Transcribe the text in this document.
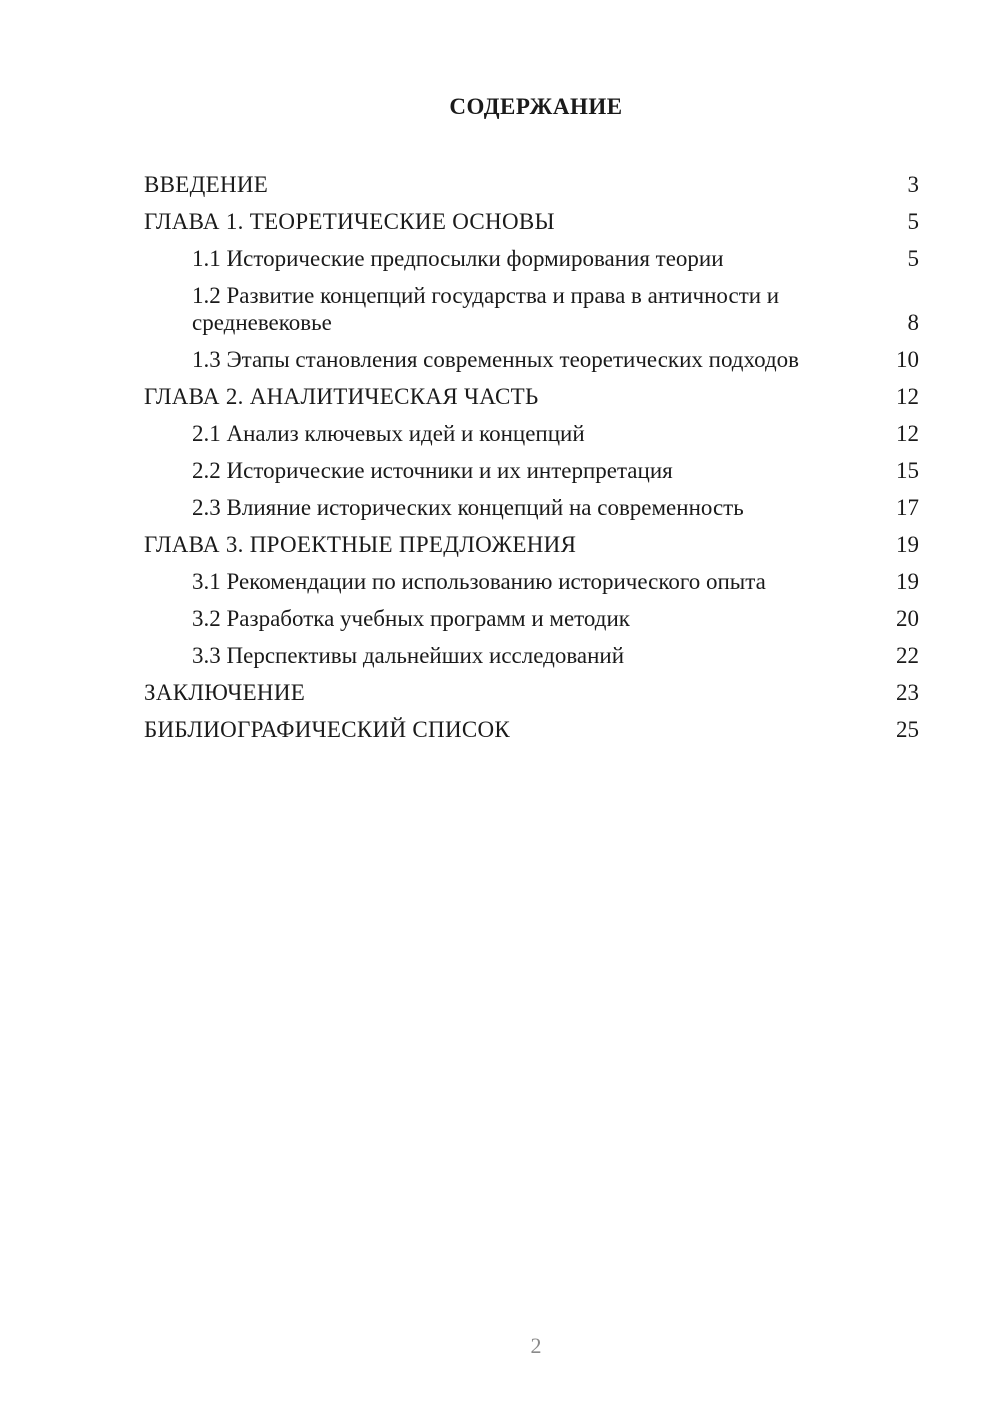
СОДЕРЖАНИЕ
ВВЕДЕНИЕ	3
ГЛАВА 1. ТЕОРЕТИЧЕСКИЕ ОСНОВЫ	5
1.1 Исторические предпосылки формирования теории	5
1.2 Развитие концепций государства и права в античности и средневековье	8
1.3 Этапы становления современных теоретических подходов	10
ГЛАВА 2. АНАЛИТИЧЕСКАЯ ЧАСТЬ	12
2.1 Анализ ключевых идей и концепций	12
2.2 Исторические источники и их интерпретация	15
2.3 Влияние исторических концепций на современность	17
ГЛАВА 3. ПРОЕКТНЫЕ ПРЕДЛОЖЕНИЯ	19
3.1 Рекомендации по использованию исторического опыта	19
3.2 Разработка учебных программ и методик	20
3.3 Перспективы дальнейших исследований	22
ЗАКЛЮЧЕНИЕ	23
БИБЛИОГРАФИЧЕСКИЙ СПИСОК	25
2
